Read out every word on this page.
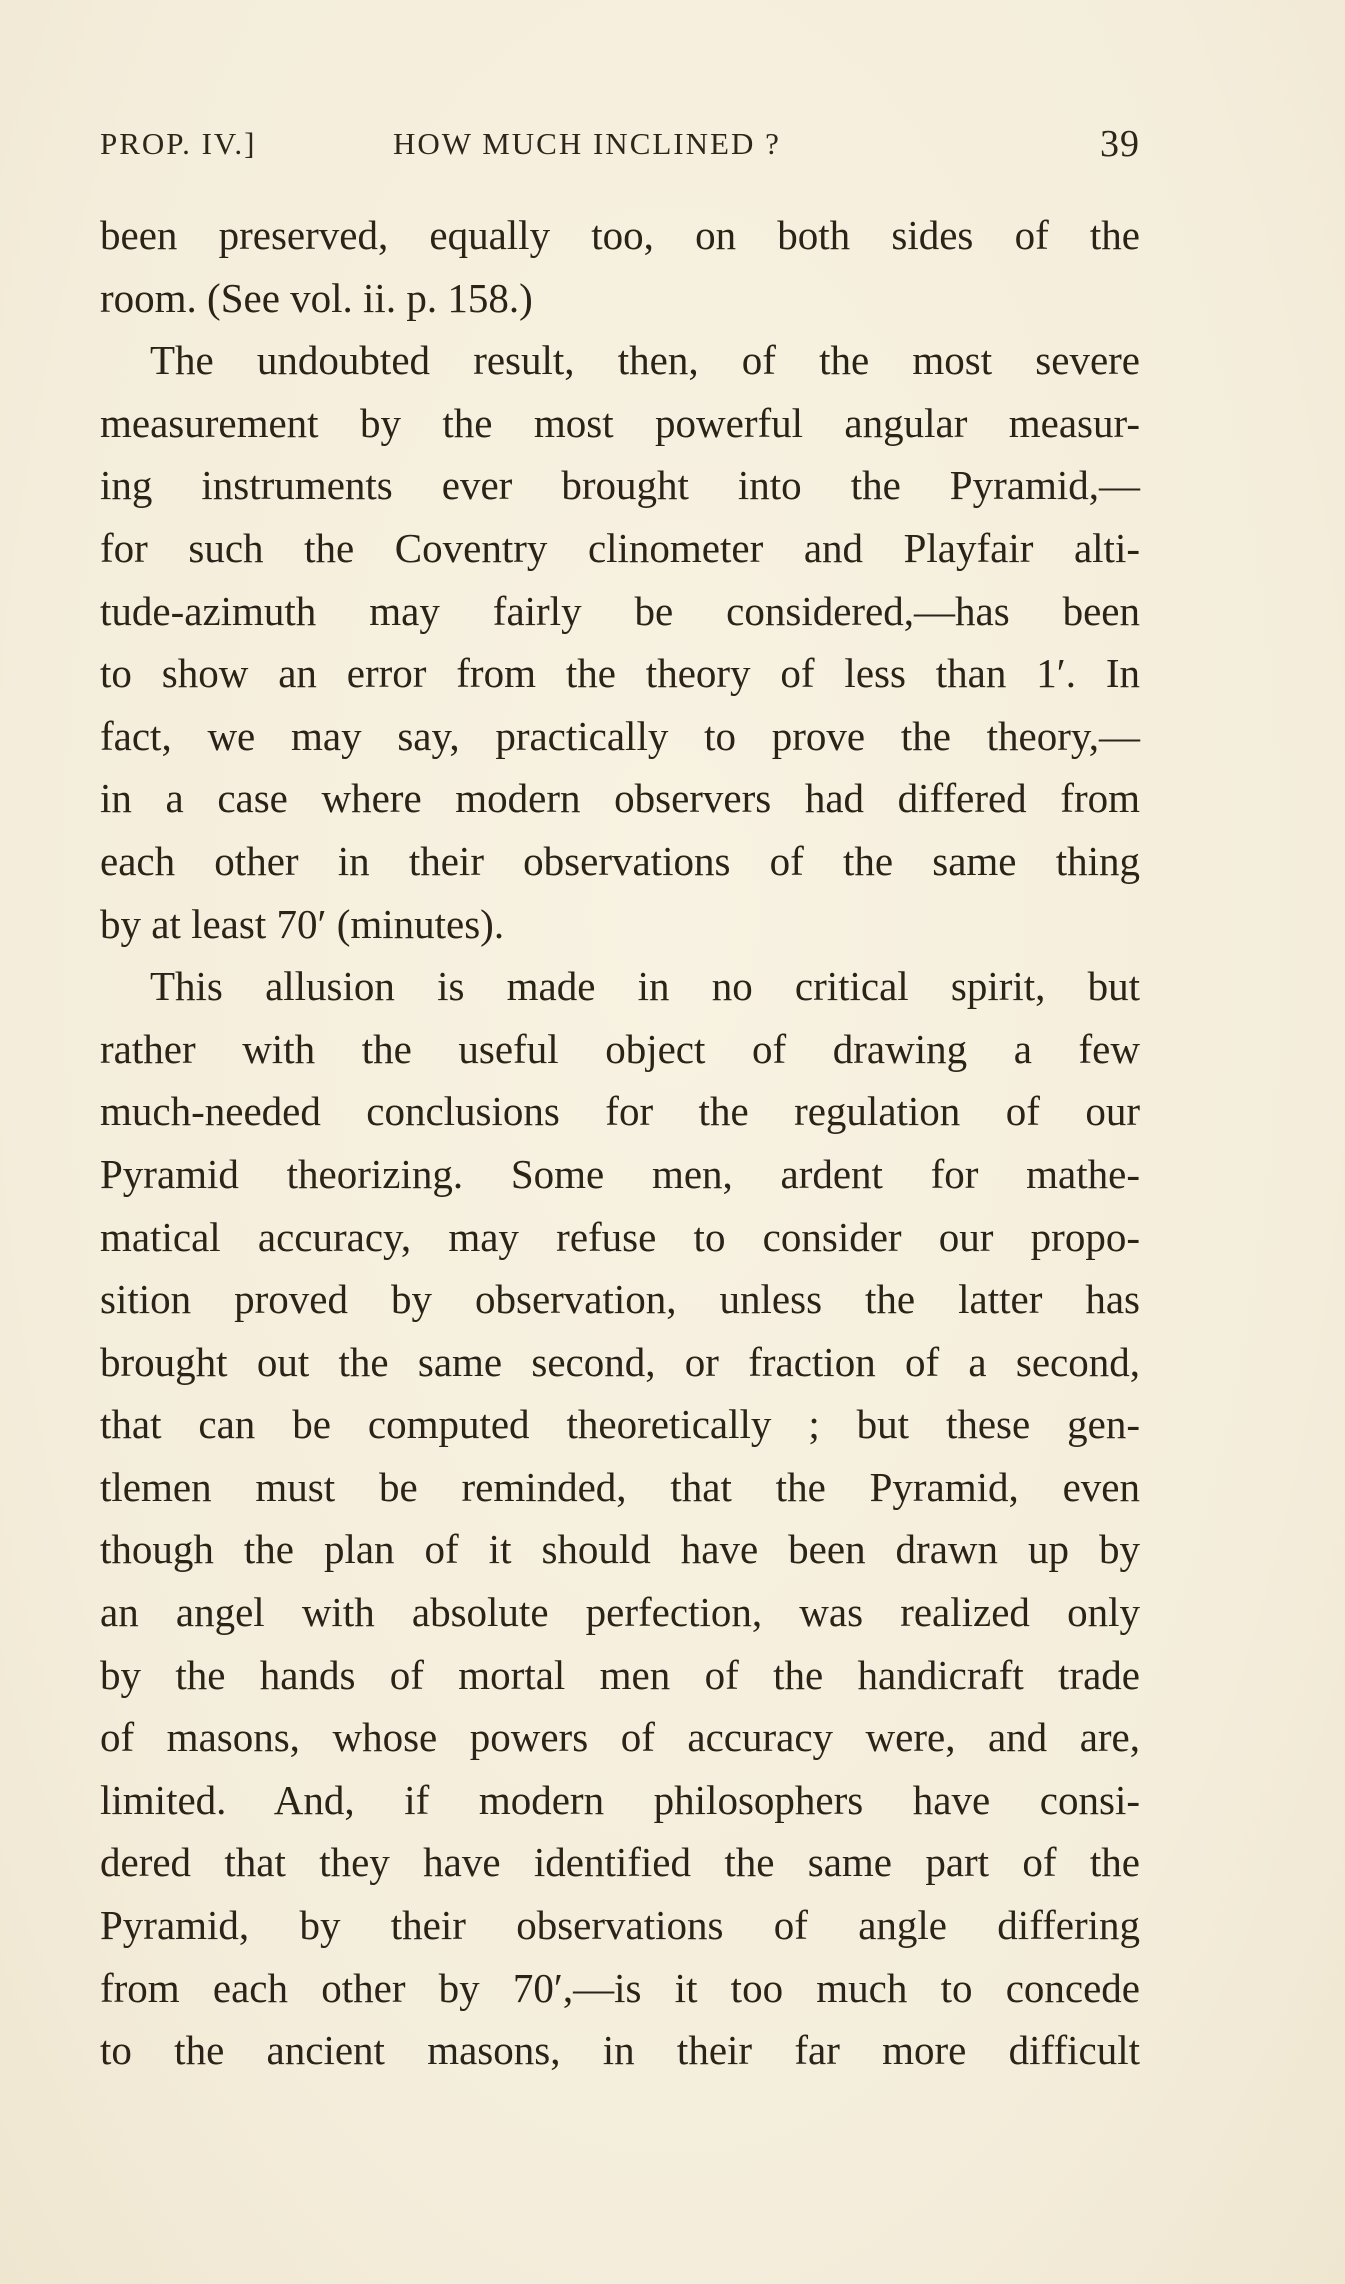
PROP. IV.]	HOW MUCH INCLINED ?	39
been preserved, equally too, on both sides of the
room. (See vol. ii. p. 158.)
The undoubted result, then, of the most severe
measurement by the most powerful angular measur-
ing instruments ever brought into the Pyramid,—
for such the Coventry clinometer and Playfair alti-
tude-azimuth may fairly be considered,—has been
to show an error from the theory of less than 1′. In
fact, we may say, practically to prove the theory,—
in a case where modern observers had differed from
each other in their observations of the same thing
by at least 70′ (minutes).
This allusion is made in no critical spirit, but
rather with the useful object of drawing a few
much-needed conclusions for the regulation of our
Pyramid theorizing. Some men, ardent for mathe-
matical accuracy, may refuse to consider our propo-
sition proved by observation, unless the latter has
brought out the same second, or fraction of a second,
that can be computed theoretically ; but these gen-
tlemen must be reminded, that the Pyramid, even
though the plan of it should have been drawn up by
an angel with absolute perfection, was realized only
by the hands of mortal men of the handicraft trade
of masons, whose powers of accuracy were, and are,
limited. And, if modern philosophers have consi-
dered that they have identified the same part of the
Pyramid, by their observations of angle differing
from each other by 70′,—is it too much to concede
to the ancient masons, in their far more difficult
